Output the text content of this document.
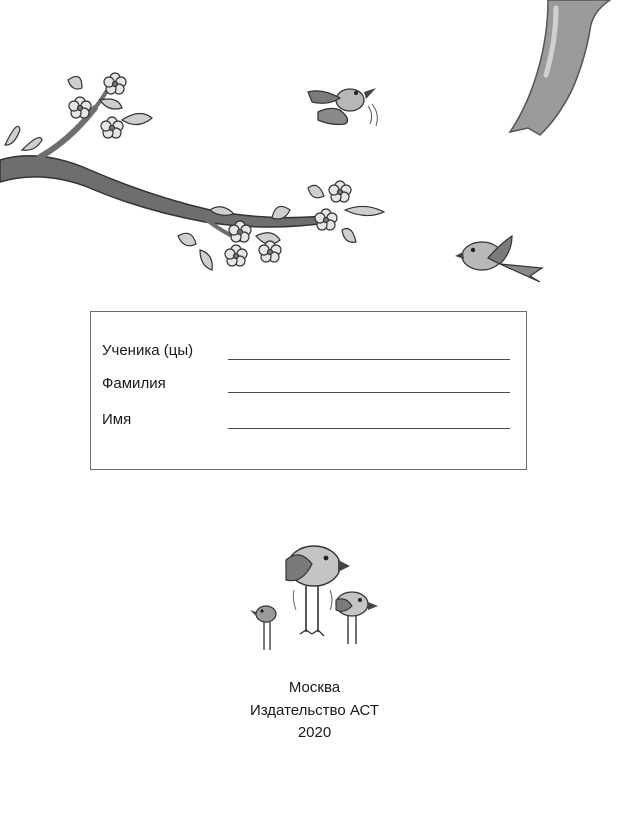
Ученика (цы)
Фамилия
Имя
Москва
Издательство АСТ
2020
